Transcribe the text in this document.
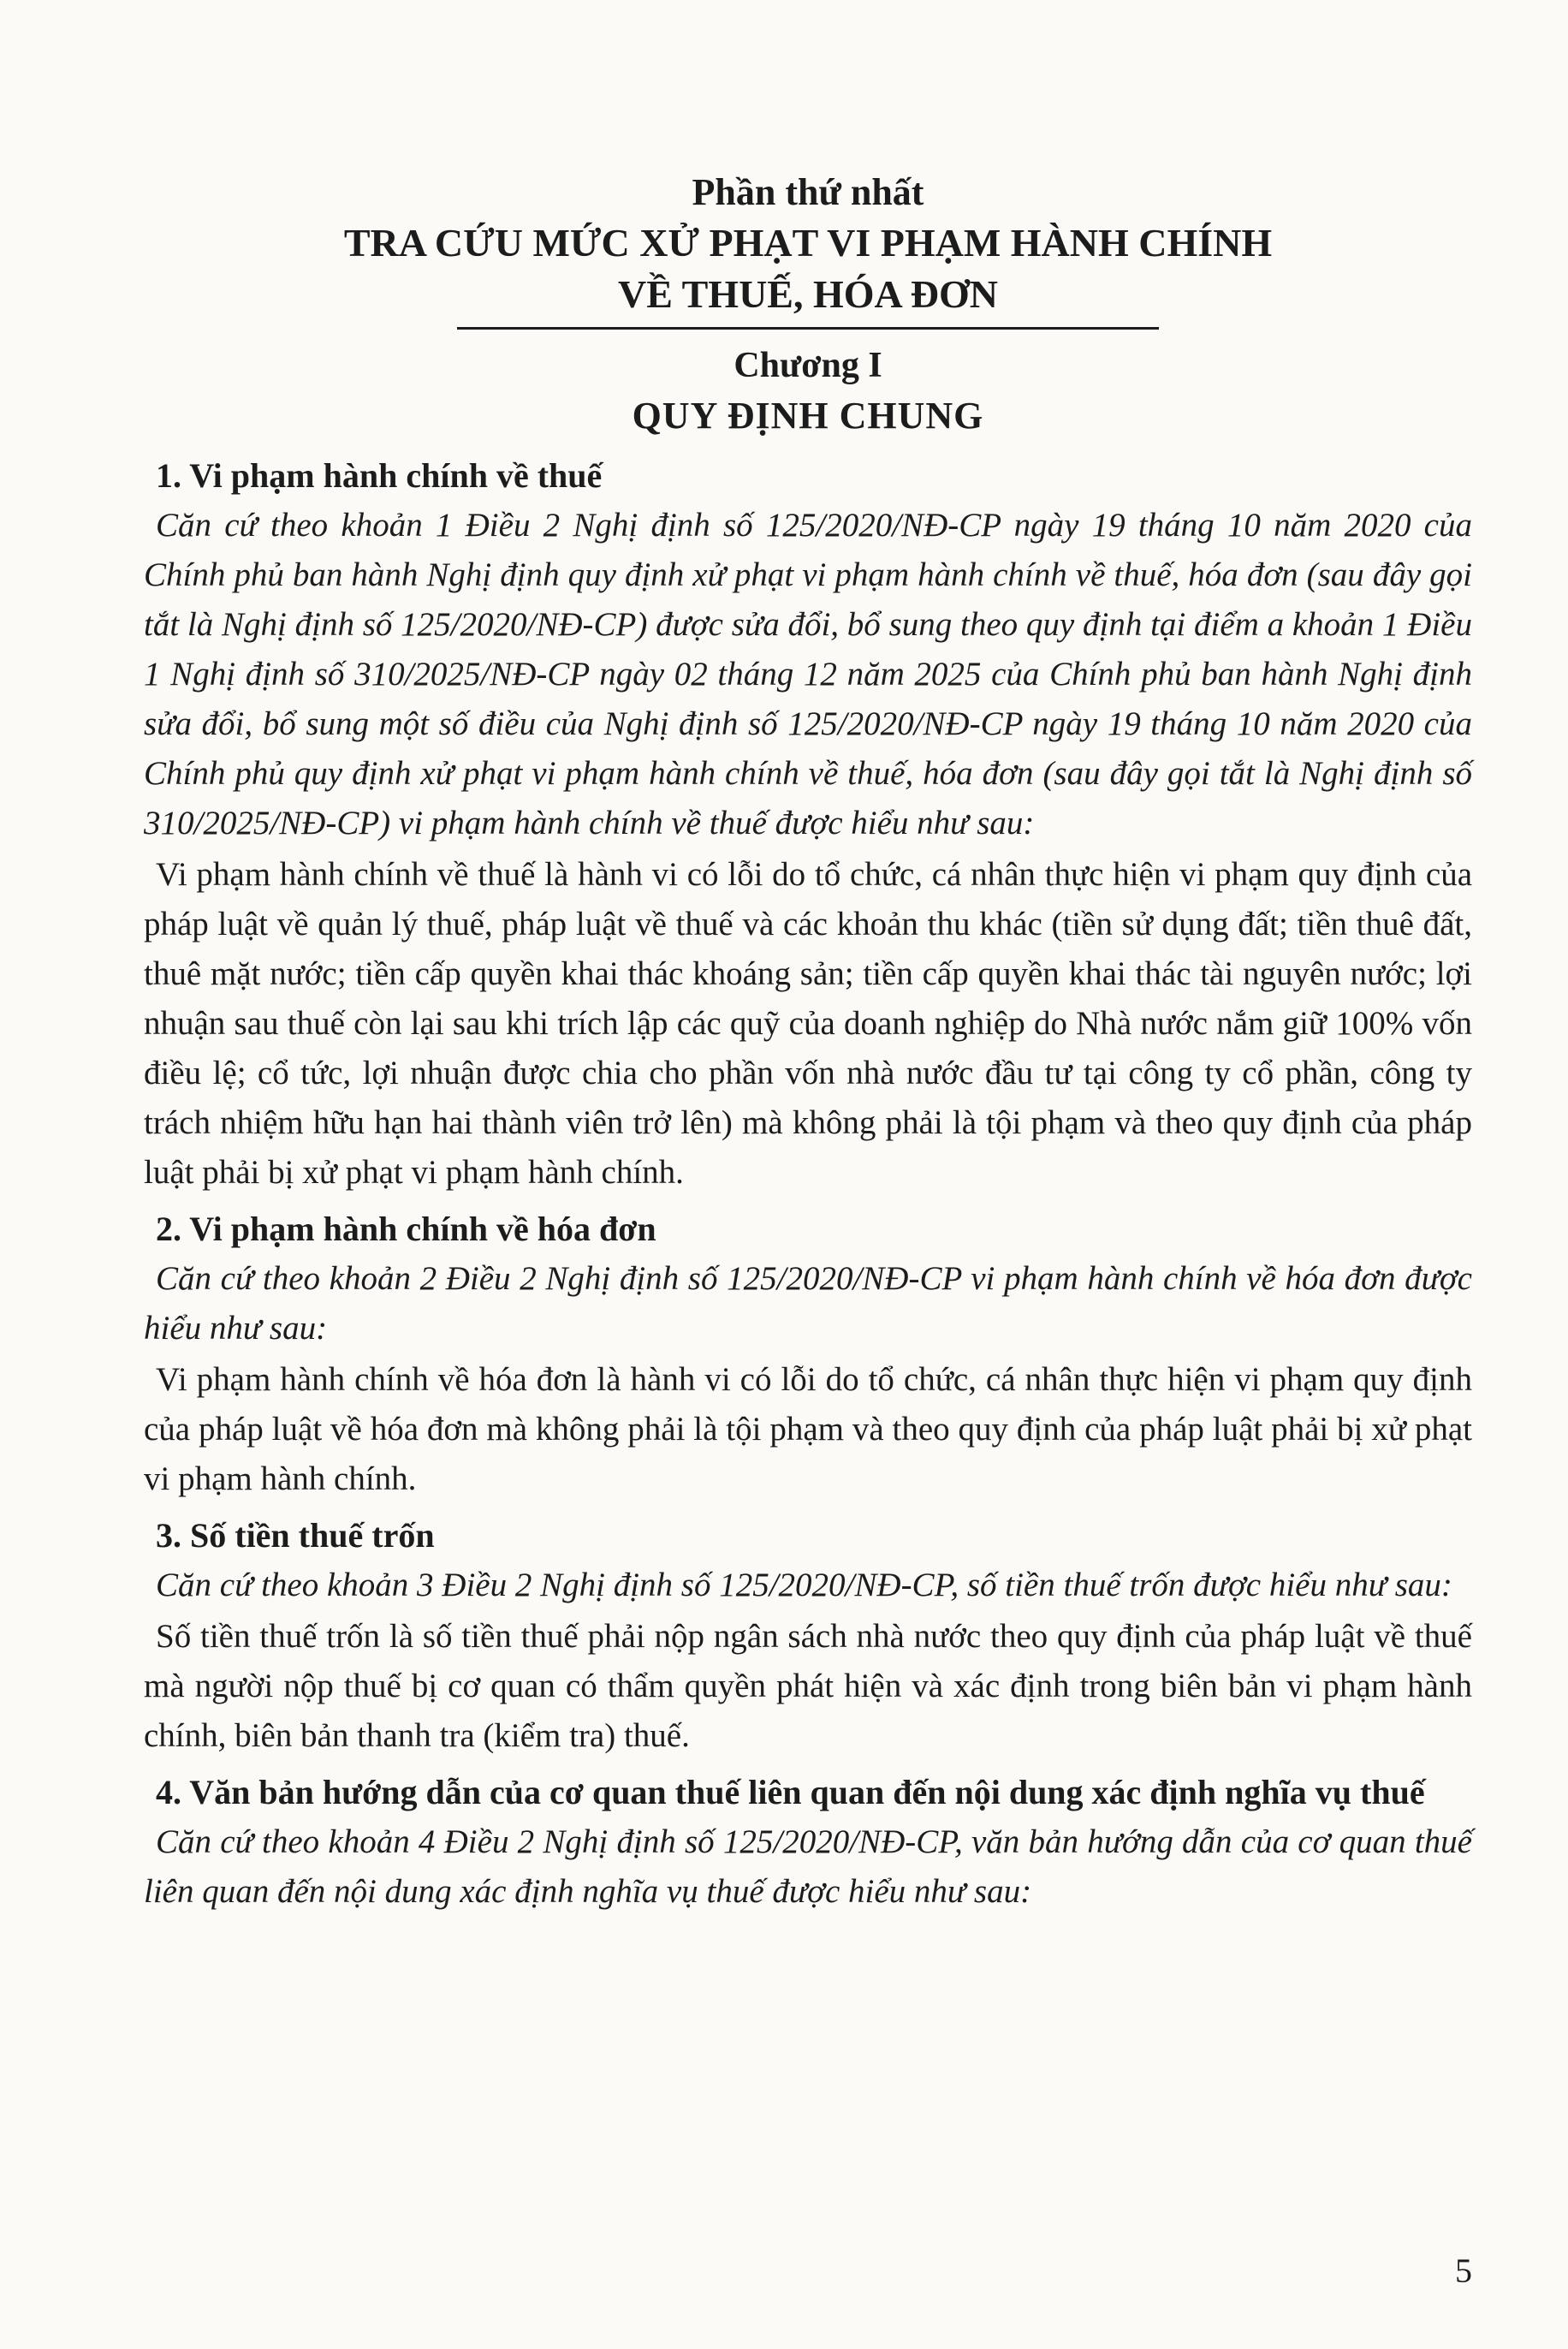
Phần thứ nhất
TRA CỨU MỨC XỬ PHẠT VI PHẠM HÀNH CHÍNH
VỀ THUẾ, HÓA ĐƠN
Chương I
QUY ĐỊNH CHUNG

1. Vi phạm hành chính về thuế

Căn cứ theo khoản 1 Điều 2 Nghị định số 125/2020/NĐ-CP ngày 19 tháng 10 năm 2020 của Chính phủ ban hành Nghị định quy định xử phạt vi phạm hành chính về thuế, hóa đơn (sau đây gọi tắt là Nghị định số 125/2020/NĐ-CP) được sửa đổi, bổ sung theo quy định tại điểm a khoản 1 Điều 1 Nghị định số 310/2025/NĐ-CP ngày 02 tháng 12 năm 2025 của Chính phủ ban hành Nghị định sửa đổi, bổ sung một số điều của Nghị định số 125/2020/NĐ-CP ngày 19 tháng 10 năm 2020 của Chính phủ quy định xử phạt vi phạm hành chính về thuế, hóa đơn (sau đây gọi tắt là Nghị định số 310/2025/NĐ-CP) vi phạm hành chính về thuế được hiểu như sau:

Vi phạm hành chính về thuế là hành vi có lỗi do tổ chức, cá nhân thực hiện vi phạm quy định của pháp luật về quản lý thuế, pháp luật về thuế và các khoản thu khác (tiền sử dụng đất; tiền thuê đất, thuê mặt nước; tiền cấp quyền khai thác khoáng sản; tiền cấp quyền khai thác tài nguyên nước; lợi nhuận sau thuế còn lại sau khi trích lập các quỹ của doanh nghiệp do Nhà nước nắm giữ 100% vốn điều lệ; cổ tức, lợi nhuận được chia cho phần vốn nhà nước đầu tư tại công ty cổ phần, công ty trách nhiệm hữu hạn hai thành viên trở lên) mà không phải là tội phạm và theo quy định của pháp luật phải bị xử phạt vi phạm hành chính.

2. Vi phạm hành chính về hóa đơn

Căn cứ theo khoản 2 Điều 2 Nghị định số 125/2020/NĐ-CP vi phạm hành chính về hóa đơn được hiểu như sau:

Vi phạm hành chính về hóa đơn là hành vi có lỗi do tổ chức, cá nhân thực hiện vi phạm quy định của pháp luật về hóa đơn mà không phải là tội phạm và theo quy định của pháp luật phải bị xử phạt vi phạm hành chính.

3. Số tiền thuế trốn

Căn cứ theo khoản 3 Điều 2 Nghị định số 125/2020/NĐ-CP, số tiền thuế trốn được hiểu như sau:

Số tiền thuế trốn là số tiền thuế phải nộp ngân sách nhà nước theo quy định của pháp luật về thuế mà người nộp thuế bị cơ quan có thẩm quyền phát hiện và xác định trong biên bản vi phạm hành chính, biên bản thanh tra (kiểm tra) thuế.

4. Văn bản hướng dẫn của cơ quan thuế liên quan đến nội dung xác định nghĩa vụ thuế

Căn cứ theo khoản 4 Điều 2 Nghị định số 125/2020/NĐ-CP, văn bản hướng dẫn của cơ quan thuế liên quan đến nội dung xác định nghĩa vụ thuế được hiểu như sau:

5
